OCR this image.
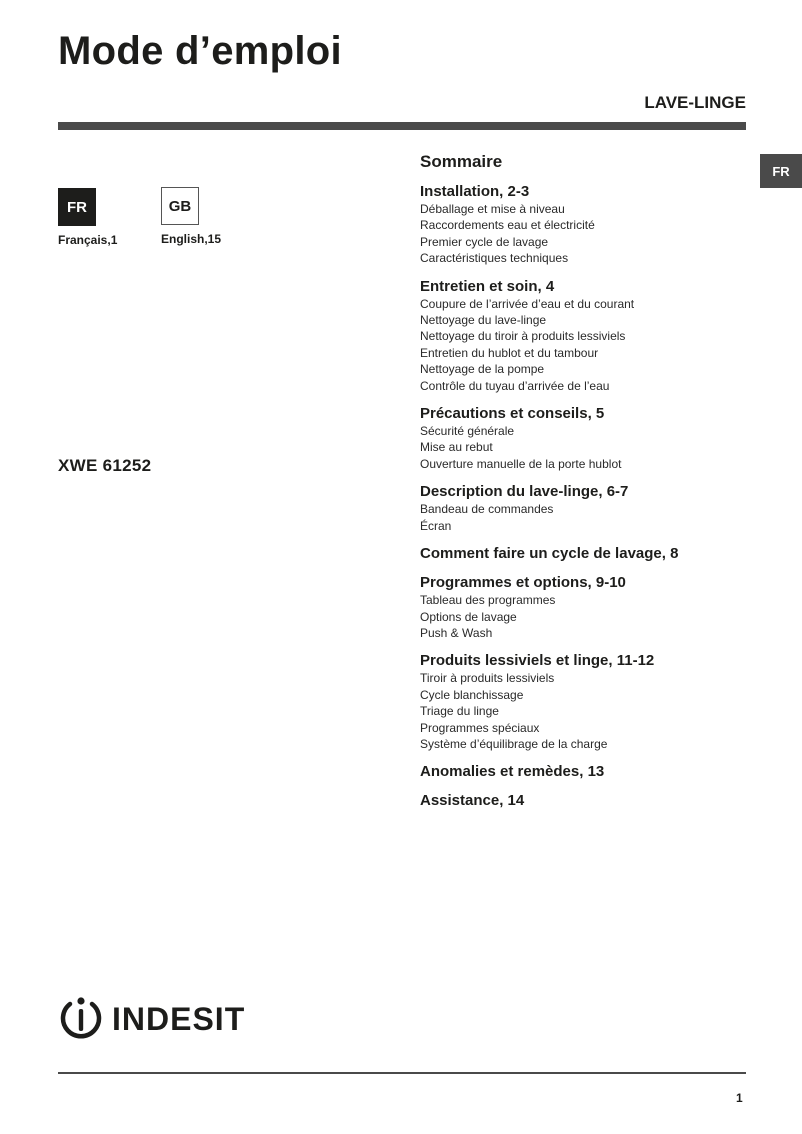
Mode d’emploi
LAVE-LINGE
FR
FR
Français,1
GB
English,15
XWE 61252
Sommaire
Installation, 2-3
Déballage et mise à niveau
Raccordements eau et électricité
Premier cycle de lavage
Caractéristiques techniques
Entretien et soin, 4
Coupure de l’arrivée d’eau et du courant
Nettoyage du lave-linge
Nettoyage du tiroir à produits lessiviels
Entretien du hublot et du tambour
Nettoyage de la pompe
Contrôle du tuyau d’arrivée de l’eau
Précautions et conseils, 5
Sécurité générale
Mise au rebut
Ouverture manuelle de la porte hublot
Description du lave-linge, 6-7
Bandeau de commandes
Écran
Comment faire un cycle de lavage, 8
Programmes et options, 9-10
Tableau des programmes
Options de lavage
Push & Wash
Produits lessiviels et linge, 11-12
Tiroir à produits lessiviels
Cycle blanchissage
Triage du linge
Programmes spéciaux
Système d’équilibrage de la charge
Anomalies et remèdes, 13
Assistance, 14
INDESIT
1
